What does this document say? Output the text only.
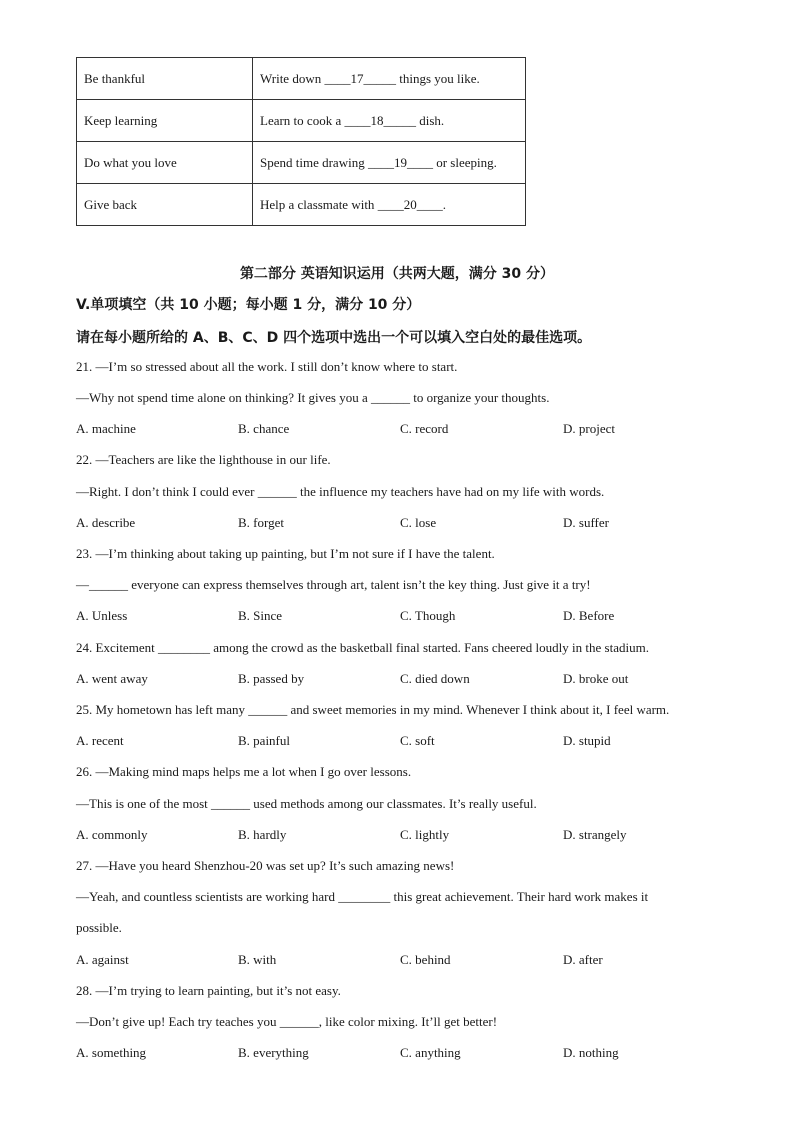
Be thankful	Write down ____17_____ things you like.
Keep learning	Learn to cook a ____18_____ dish.
Do what you love	Spend time drawing ____19____ or sleeping.
Give back	Help a classmate with ____20____.
第二部分 英语知识运用（共两大题，满分 30 分）
V.单项填空（共 10 小题；每小题 1 分，满分 10 分）
请在每小题所给的 A、B、C、D 四个选项中选出一个可以填入空白处的最佳选项。
21. —I’m so stressed about all the work. I still don’t know where to start.
—Why not spend time alone on thinking? It gives you a ______ to organize your thoughts.
A. machine	B. chance	C. record	D. project
22. —Teachers are like the lighthouse in our life.
—Right. I don’t think I could ever ______ the influence my teachers have had on my life with words.
A. describe	B. forget	C. lose	D. suffer
23. —I’m thinking about taking up painting, but I’m not sure if I have the talent.
—______ everyone can express themselves through art, talent isn’t the key thing. Just give it a try!
A. Unless	B. Since	C. Though	D. Before
24. Excitement ________ among the crowd as the basketball final started. Fans cheered loudly in the stadium.
A. went away	B. passed by	C. died down	D. broke out
25. My hometown has left many ______ and sweet memories in my mind. Whenever I think about it, I feel warm.
A. recent	B. painful	C. soft	D. stupid
26. —Making mind maps helps me a lot when I go over lessons.
—This is one of the most ______ used methods among our classmates. It’s really useful.
A. commonly	B. hardly	C. lightly	D. strangely
27. —Have you heard Shenzhou-20 was set up? It’s such amazing news!
—Yeah, and countless scientists are working hard ________ this great achievement. Their hard work makes it
possible.
A. against	B. with	C. behind	D. after
28. —I’m trying to learn painting, but it’s not easy.
—Don’t give up! Each try teaches you ______, like color mixing. It’ll get better!
A. something	B. everything	C. anything	D. nothing
